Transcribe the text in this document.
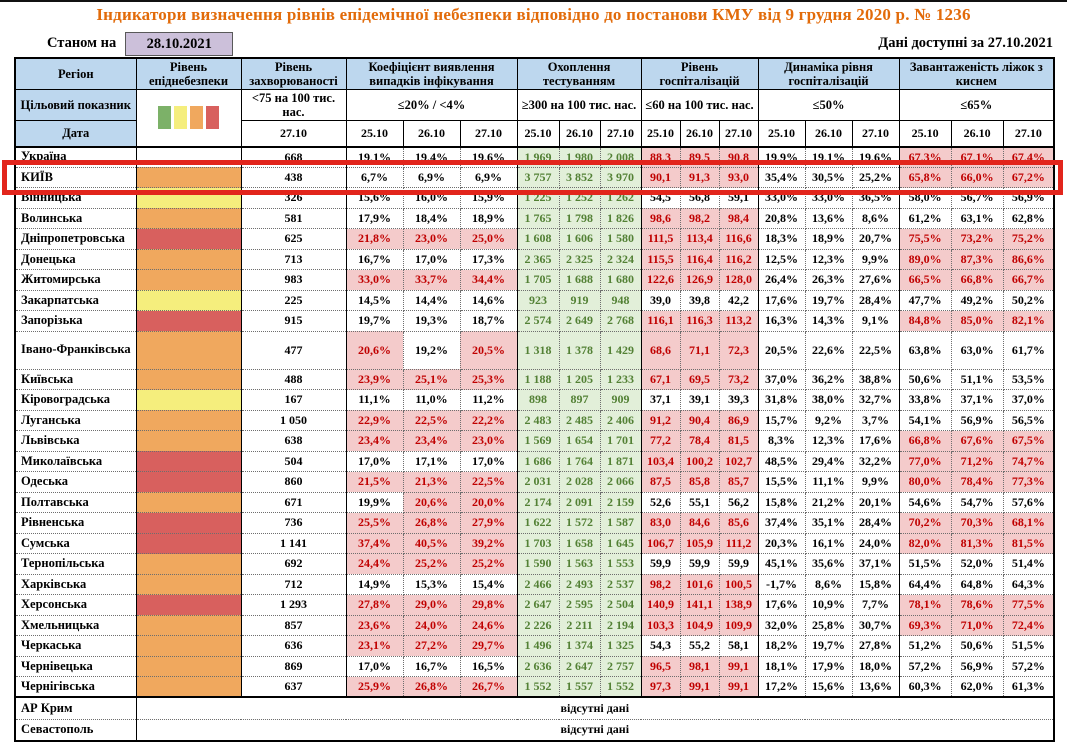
Індикатори визначення рівнів епідемічної небезпеки відповідно до постанови КМУ від 9 грудня 2020 р. № 1236
Станом на	28.10.2021	Дані доступні за 27.10.2021
Регіон	Рівень епіднебезпеки	Рівень захворюваності	Коефіцієнт виявлення випадків інфікування			Охоплення тестуванням			Рівень госпіталізацій			Динаміка рівня госпіталізацій			Завантаженість ліжок з киснем		
Цільовий показник		<75 на 100 тис. нас.	≤20% / <4%			≥300 на 100 тис. нас.			≤60 на 100 тис. нас.			≤50%			≤65%		
Дата		27.10	25.10	26.10	27.10	25.10	26.10	27.10	25.10	26.10	27.10	25.10	26.10	27.10	25.10	26.10	27.10
Україна		668	19,1%	19,4%	19,6%	1 969	1 980	2 008	88,3	89,5	90,8	19,9%	19,1%	19,6%	67,3%	67,1%	67,4%
КИЇВ		438	6,7%	6,9%	6,9%	3 757	3 852	3 970	90,1	91,3	93,0	35,4%	30,5%	25,2%	65,8%	66,0%	67,2%
Вінницька		326	15,6%	16,0%	15,9%	1 225	1 252	1 262	54,5	56,8	59,1	33,0%	33,0%	36,5%	58,0%	56,7%	56,9%
Волинська		581	17,9%	18,4%	18,9%	1 765	1 798	1 826	98,6	98,2	98,4	20,8%	13,6%	8,6%	61,2%	63,1%	62,8%
Дніпропетровська		625	21,8%	23,0%	25,0%	1 608	1 606	1 580	111,5	113,4	116,6	18,3%	18,9%	20,7%	75,5%	73,2%	75,2%
Донецька		713	16,7%	17,0%	17,3%	2 365	2 325	2 324	115,5	116,4	116,2	12,5%	12,3%	9,9%	89,0%	87,3%	86,6%
Житомирська		983	33,0%	33,7%	34,4%	1 705	1 688	1 680	122,6	126,9	128,0	26,4%	26,3%	27,6%	66,5%	66,8%	66,7%
Закарпатська		225	14,5%	14,4%	14,6%	923	919	948	39,0	39,8	42,2	17,6%	19,7%	28,4%	47,7%	49,2%	50,2%
Запорізька		915	19,7%	19,3%	18,7%	2 574	2 649	2 768	116,1	116,3	113,2	16,3%	14,3%	9,1%	84,8%	85,0%	82,1%
Івано-Франківська		477	20,6%	19,2%	20,5%	1 318	1 378	1 429	68,6	71,1	72,3	20,5%	22,6%	22,5%	63,8%	63,0%	61,7%
Київська		488	23,9%	25,1%	25,3%	1 188	1 205	1 233	67,1	69,5	73,2	37,0%	36,2%	38,8%	50,6%	51,1%	53,5%
Кіровоградська		167	11,1%	11,0%	11,2%	898	897	909	37,1	39,1	39,3	31,8%	38,0%	32,7%	33,8%	37,1%	37,0%
Луганська		1 050	22,9%	22,5%	22,2%	2 483	2 485	2 406	91,2	90,4	86,9	15,7%	9,2%	3,7%	54,1%	56,9%	56,5%
Львівська		638	23,4%	23,4%	23,0%	1 569	1 654	1 701	77,2	78,4	81,5	8,3%	12,3%	17,6%	66,8%	67,6%	67,5%
Миколаївська		504	17,0%	17,1%	17,0%	1 686	1 764	1 871	103,4	100,2	102,7	48,5%	29,4%	32,2%	77,0%	71,2%	74,7%
Одеська		860	21,5%	21,3%	22,5%	2 031	2 028	2 066	87,5	85,8	85,7	15,5%	11,1%	9,9%	80,0%	78,4%	77,3%
Полтавська		671	19,9%	20,6%	20,0%	2 174	2 091	2 159	52,6	55,1	56,2	15,8%	21,2%	20,1%	54,6%	54,7%	57,6%
Рівненська		736	25,5%	26,8%	27,9%	1 622	1 572	1 587	83,0	84,6	85,6	37,4%	35,1%	28,4%	70,2%	70,3%	68,1%
Сумська		1 141	37,4%	40,5%	39,2%	1 703	1 658	1 645	106,7	105,9	111,2	20,3%	16,1%	24,0%	82,0%	81,3%	81,5%
Тернопільська		692	24,4%	25,2%	25,2%	1 590	1 563	1 553	59,9	59,9	59,9	45,1%	35,6%	37,1%	51,5%	52,0%	51,4%
Харківська		712	14,9%	15,3%	15,4%	2 466	2 493	2 537	98,2	101,6	100,5	-1,7%	8,6%	15,8%	64,4%	64,8%	64,3%
Херсонська		1 293	27,8%	29,0%	29,8%	2 647	2 595	2 504	140,9	141,1	138,9	17,6%	10,9%	7,7%	78,1%	78,6%	77,5%
Хмельницька		857	23,6%	24,0%	24,6%	2 226	2 211	2 194	103,3	104,9	109,9	32,0%	25,8%	30,7%	69,3%	71,0%	72,4%
Черкаська		636	23,1%	27,2%	29,7%	1 496	1 374	1 325	54,3	55,2	58,1	18,2%	19,7%	27,8%	51,2%	50,6%	51,5%
Чернівецька		869	17,0%	16,7%	16,5%	2 636	2 647	2 757	96,5	98,1	99,1	18,1%	17,9%	18,0%	57,2%	56,9%	57,2%
Чернігівська		637	25,9%	26,8%	26,7%	1 552	1 557	1 552	97,3	99,1	99,1	17,2%	15,6%	13,6%	60,3%	62,0%	61,3%
АР Крим	відсутні дані																
Севастополь	відсутні дані																
